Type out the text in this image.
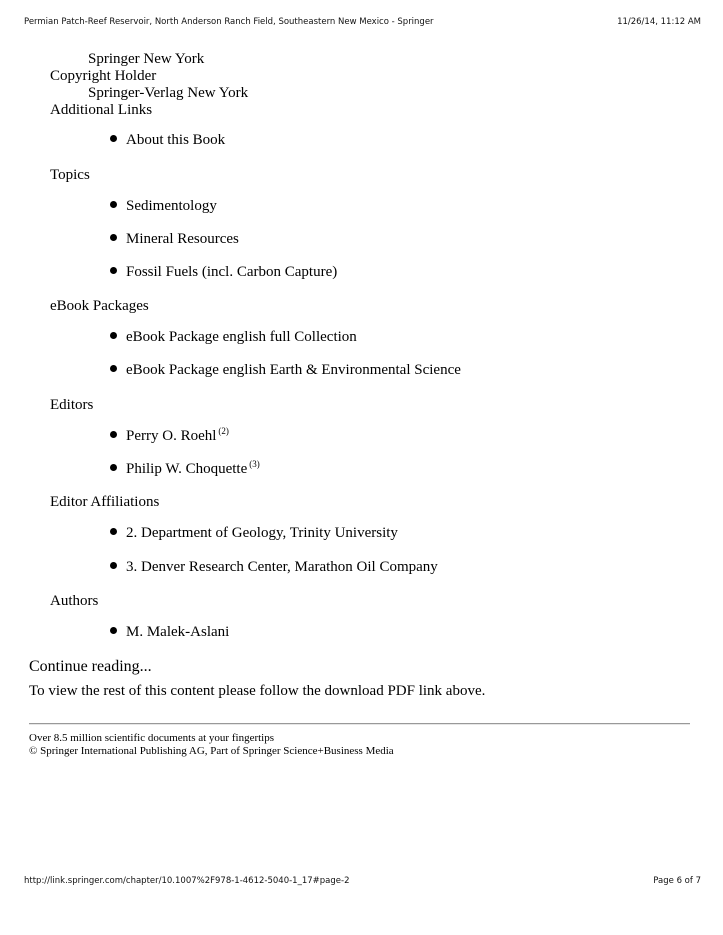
Permian Patch-Reef Reservoir, North Anderson Ranch Field, Southeastern New Mexico - Springer	11/26/14, 11:12 AM
Springer New York
Copyright Holder
Springer-Verlag New York
Additional Links
About this Book
Topics
Sedimentology
Mineral Resources
Fossil Fuels (incl. Carbon Capture)
eBook Packages
eBook Package english full Collection
eBook Package english Earth & Environmental Science
Editors
Perry O. Roehl $^{(2)}$
Philip W. Choquette $^{(3)}$
Editor Affiliations
2. Department of Geology, Trinity University
3. Denver Research Center, Marathon Oil Company
Authors
M. Malek-Aslani
Continue reading...
To view the rest of this content please follow the download PDF link above.
Over 8.5 million scientific documents at your fingertips
© Springer International Publishing AG, Part of Springer Science+Business Media
http://link.springer.com/chapter/10.1007%2F978-1-4612-5040-1_17#page-2	Page 6 of 7
